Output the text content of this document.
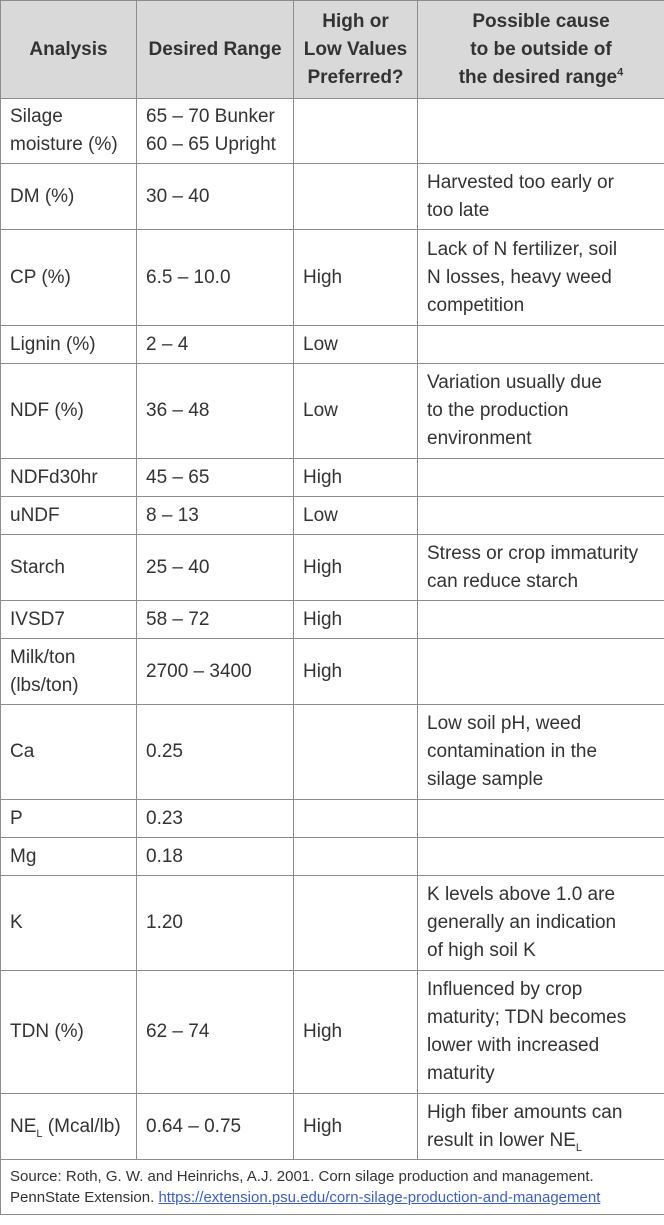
Analysis	Desired Range	High or
Low Values
Preferred?	Possible cause
to be outside of
the desired range$^4$
Silage
moisture (%)	65 – 70 Bunker
60 – 65 Upright		
DM (%)	30 – 40		Harvested too early or
too late
CP (%)	6.5 – 10.0	High	Lack of N fertilizer, soil
N losses, heavy weed
competition
Lignin (%)	2 – 4	Low	
NDF (%)	36 – 48	Low	Variation usually due
to the production
environment
NDFd30hr	45 – 65	High	
uNDF	8 – 13	Low	
Starch	25 – 40	High	Stress or crop immaturity
can reduce starch
IVSD7	58 – 72	High	
Milk/ton
(lbs/ton)	2700 – 3400	High	
Ca	0.25		Low soil pH, weed
contamination in the
silage sample
P	0.23		
Mg	0.18		
K	1.20		K levels above 1.0 are
generally an indication
of high soil K
TDN (%)	62 – 74	High	Influenced by crop
maturity; TDN becomes
lower with increased
maturity
$NE_L$ (Mcal/lb)	0.64 – 0.75	High	High fiber amounts can
result in lower $NE_L$
Source: Roth, G. W. and Heinrichs, A.J. 2001. Corn silage production and management. PennState Extension. https://extension.psu.edu/corn-silage-production-and-management			
